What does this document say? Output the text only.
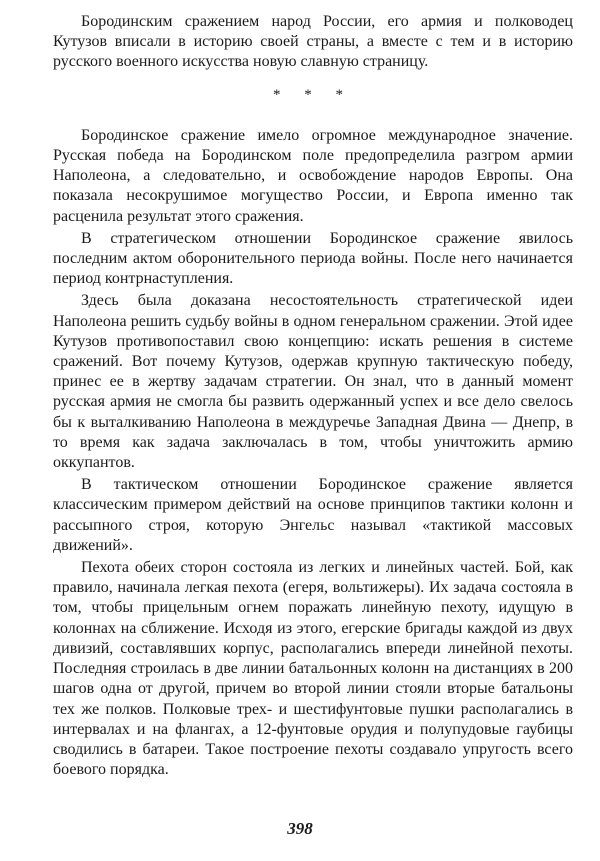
Бородинским сражением народ России, его армия и полководец Кутузов вписали в историю своей страны, а вместе с тем и в историю русского военного искусства новую славную страницу.

* * *

Бородинское сражение имело огромное международное значение. Русская победа на Бородинском поле предопределила разгром армии Наполеона, а следовательно, и освобождение народов Европы. Она показала несокрушимое могущество России, и Европа именно так расценила результат этого сражения.

В стратегическом отношении Бородинское сражение явилось последним актом оборонительного периода войны. После него начинается период контрнаступления.

Здесь была доказана несостоятельность стратегической идеи Наполеона решить судьбу войны в одном генеральном сражении. Этой идее Кутузов противопоставил свою концепцию: искать решения в системе сражений. Вот почему Кутузов, одержав крупную тактическую победу, принес ее в жертву задачам стратегии. Он знал, что в данный момент русская армия не смогла бы развить одержанный успех и все дело свелось бы к выталкиванию Наполеона в междуречье Западная Двина — Днепр, в то время как задача заключалась в том, чтобы уничтожить армию оккупантов.

В тактическом отношении Бородинское сражение является классическим примером действий на основе принципов тактики колонн и рассыпного строя, которую Энгельс называл «тактикой массовых движений».

Пехота обеих сторон состояла из легких и линейных частей. Бой, как правило, начинала легкая пехота (егеря, вольтижеры). Их задача состояла в том, чтобы прицельным огнем поражать линейную пехоту, идущую в колоннах на сближение. Исходя из этого, егерские бригады каждой из двух дивизий, составлявших корпус, располагались впереди линейной пехоты. Последняя строилась в две линии батальонных колонн на дистанциях в 200 шагов одна от другой, причем во второй линии стояли вторые батальоны тех же полков. Полковые трех- и шестифунтовые пушки располагались в интервалах и на флангах, а 12-фунтовые орудия и полупудовые гаубицы сводились в батареи. Такое построение пехоты создавало упругость всего боевого порядка.

398
